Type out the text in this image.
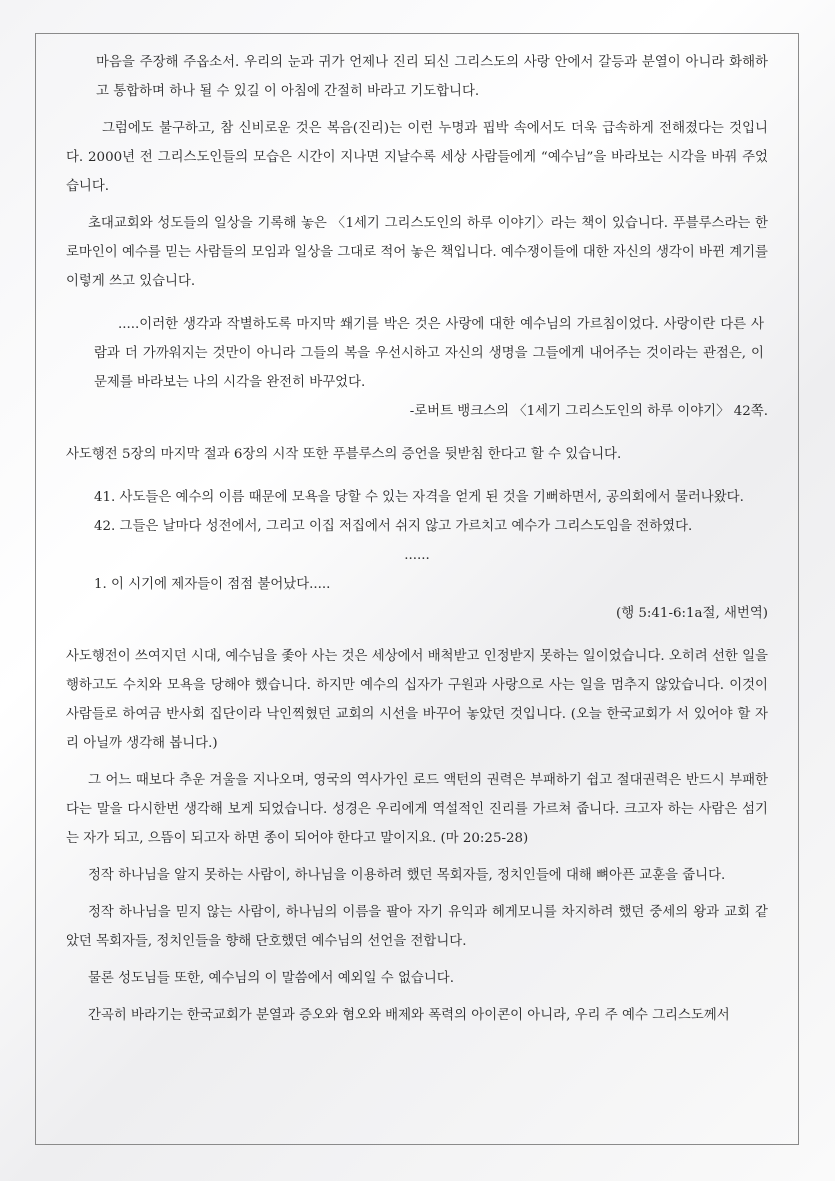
마음을 주장해 주옵소서. 우리의 눈과 귀가 언제나 진리 되신 그리스도의 사랑 안에서 갈등과 분열이 아니라 화해하고 통합하며 하나 될 수 있길 이 아침에 간절히 바라고 기도합니다.

그럼에도 불구하고, 참 신비로운 것은 복음(진리)는 이런 누명과 핍박 속에서도 더욱 급속하게 전해졌다는 것입니다. 2000년 전 그리스도인들의 모습은 시간이 지나면 지날수록 세상 사람들에게 “예수님”을 바라보는 시각을 바꿔 주었습니다.

초대교회와 성도들의 일상을 기록해 놓은 〈1세기 그리스도인의 하루 이야기〉라는 책이 있습니다. 푸블루스라는 한 로마인이 예수를 믿는 사람들의 모임과 일상을 그대로 적어 놓은 책입니다. 예수쟁이들에 대한 자신의 생각이 바뀐 계기를 이렇게 쓰고 있습니다.

.....이러한 생각과 작별하도록 마지막 쐐기를 박은 것은 사랑에 대한 예수님의 가르침이었다. 사랑이란 다른 사람과 더 가까워지는 것만이 아니라 그들의 복을 우선시하고 자신의 생명을 그들에게 내어주는 것이라는 관점은, 이 문제를 바라보는 나의 시각을 완전히 바꾸었다.

-로버트 뱅크스의 〈1세기 그리스도인의 하루 이야기〉 42쪽.

사도행전 5장의 마지막 절과 6장의 시작 또한 푸블루스의 증언을 뒷받침 한다고 할 수 있습니다.

41. 사도들은 예수의 이름 때문에 모욕을 당할 수 있는 자격을 얻게 된 것을 기뻐하면서, 공의회에서 물러나왔다.

42. 그들은 날마다 성전에서, 그리고 이집 저집에서 쉬지 않고 가르치고 예수가 그리스도임을 전하였다.

......

1. 이 시기에 제자들이 점점 불어났다.....

(행 5:41-6:1a절, 새번역)

사도행전이 쓰여지던 시대, 예수님을 좇아 사는 것은 세상에서 배척받고 인정받지 못하는 일이었습니다. 오히려 선한 일을 행하고도 수치와 모욕을 당해야 했습니다. 하지만 예수의 십자가 구원과 사랑으로 사는 일을 멈추지 않았습니다. 이것이 사람들로 하여금 반사회 집단이라 낙인찍혔던 교회의 시선을 바꾸어 놓았던 것입니다. (오늘 한국교회가 서 있어야 할 자리 아닐까 생각해 봅니다.)

그 어느 때보다 추운 겨울을 지나오며, 영국의 역사가인 로드 액턴의 권력은 부패하기 쉽고 절대권력은 반드시 부패한다는 말을 다시한번 생각해 보게 되었습니다. 성경은 우리에게 역설적인 진리를 가르쳐 줍니다. 크고자 하는 사람은 섬기는 자가 되고, 으뜸이 되고자 하면 종이 되어야 한다고 말이지요. (마 20:25-28)

정작 하나님을 알지 못하는 사람이, 하나님을 이용하려 했던 목회자들, 정치인들에 대해 뼈아픈 교훈을 줍니다.

정작 하나님을 믿지 않는 사람이, 하나님의 이름을 팔아 자기 유익과 헤게모니를 차지하려 했던 중세의 왕과 교회 같았던 목회자들, 정치인들을 향해 단호했던 예수님의 선언을 전합니다.

물론 성도님들 또한, 예수님의 이 말씀에서 예외일 수 없습니다.

간곡히 바라기는 한국교회가 분열과 증오와 혐오와 배제와 폭력의 아이콘이 아니라, 우리 주 예수 그리스도께서
